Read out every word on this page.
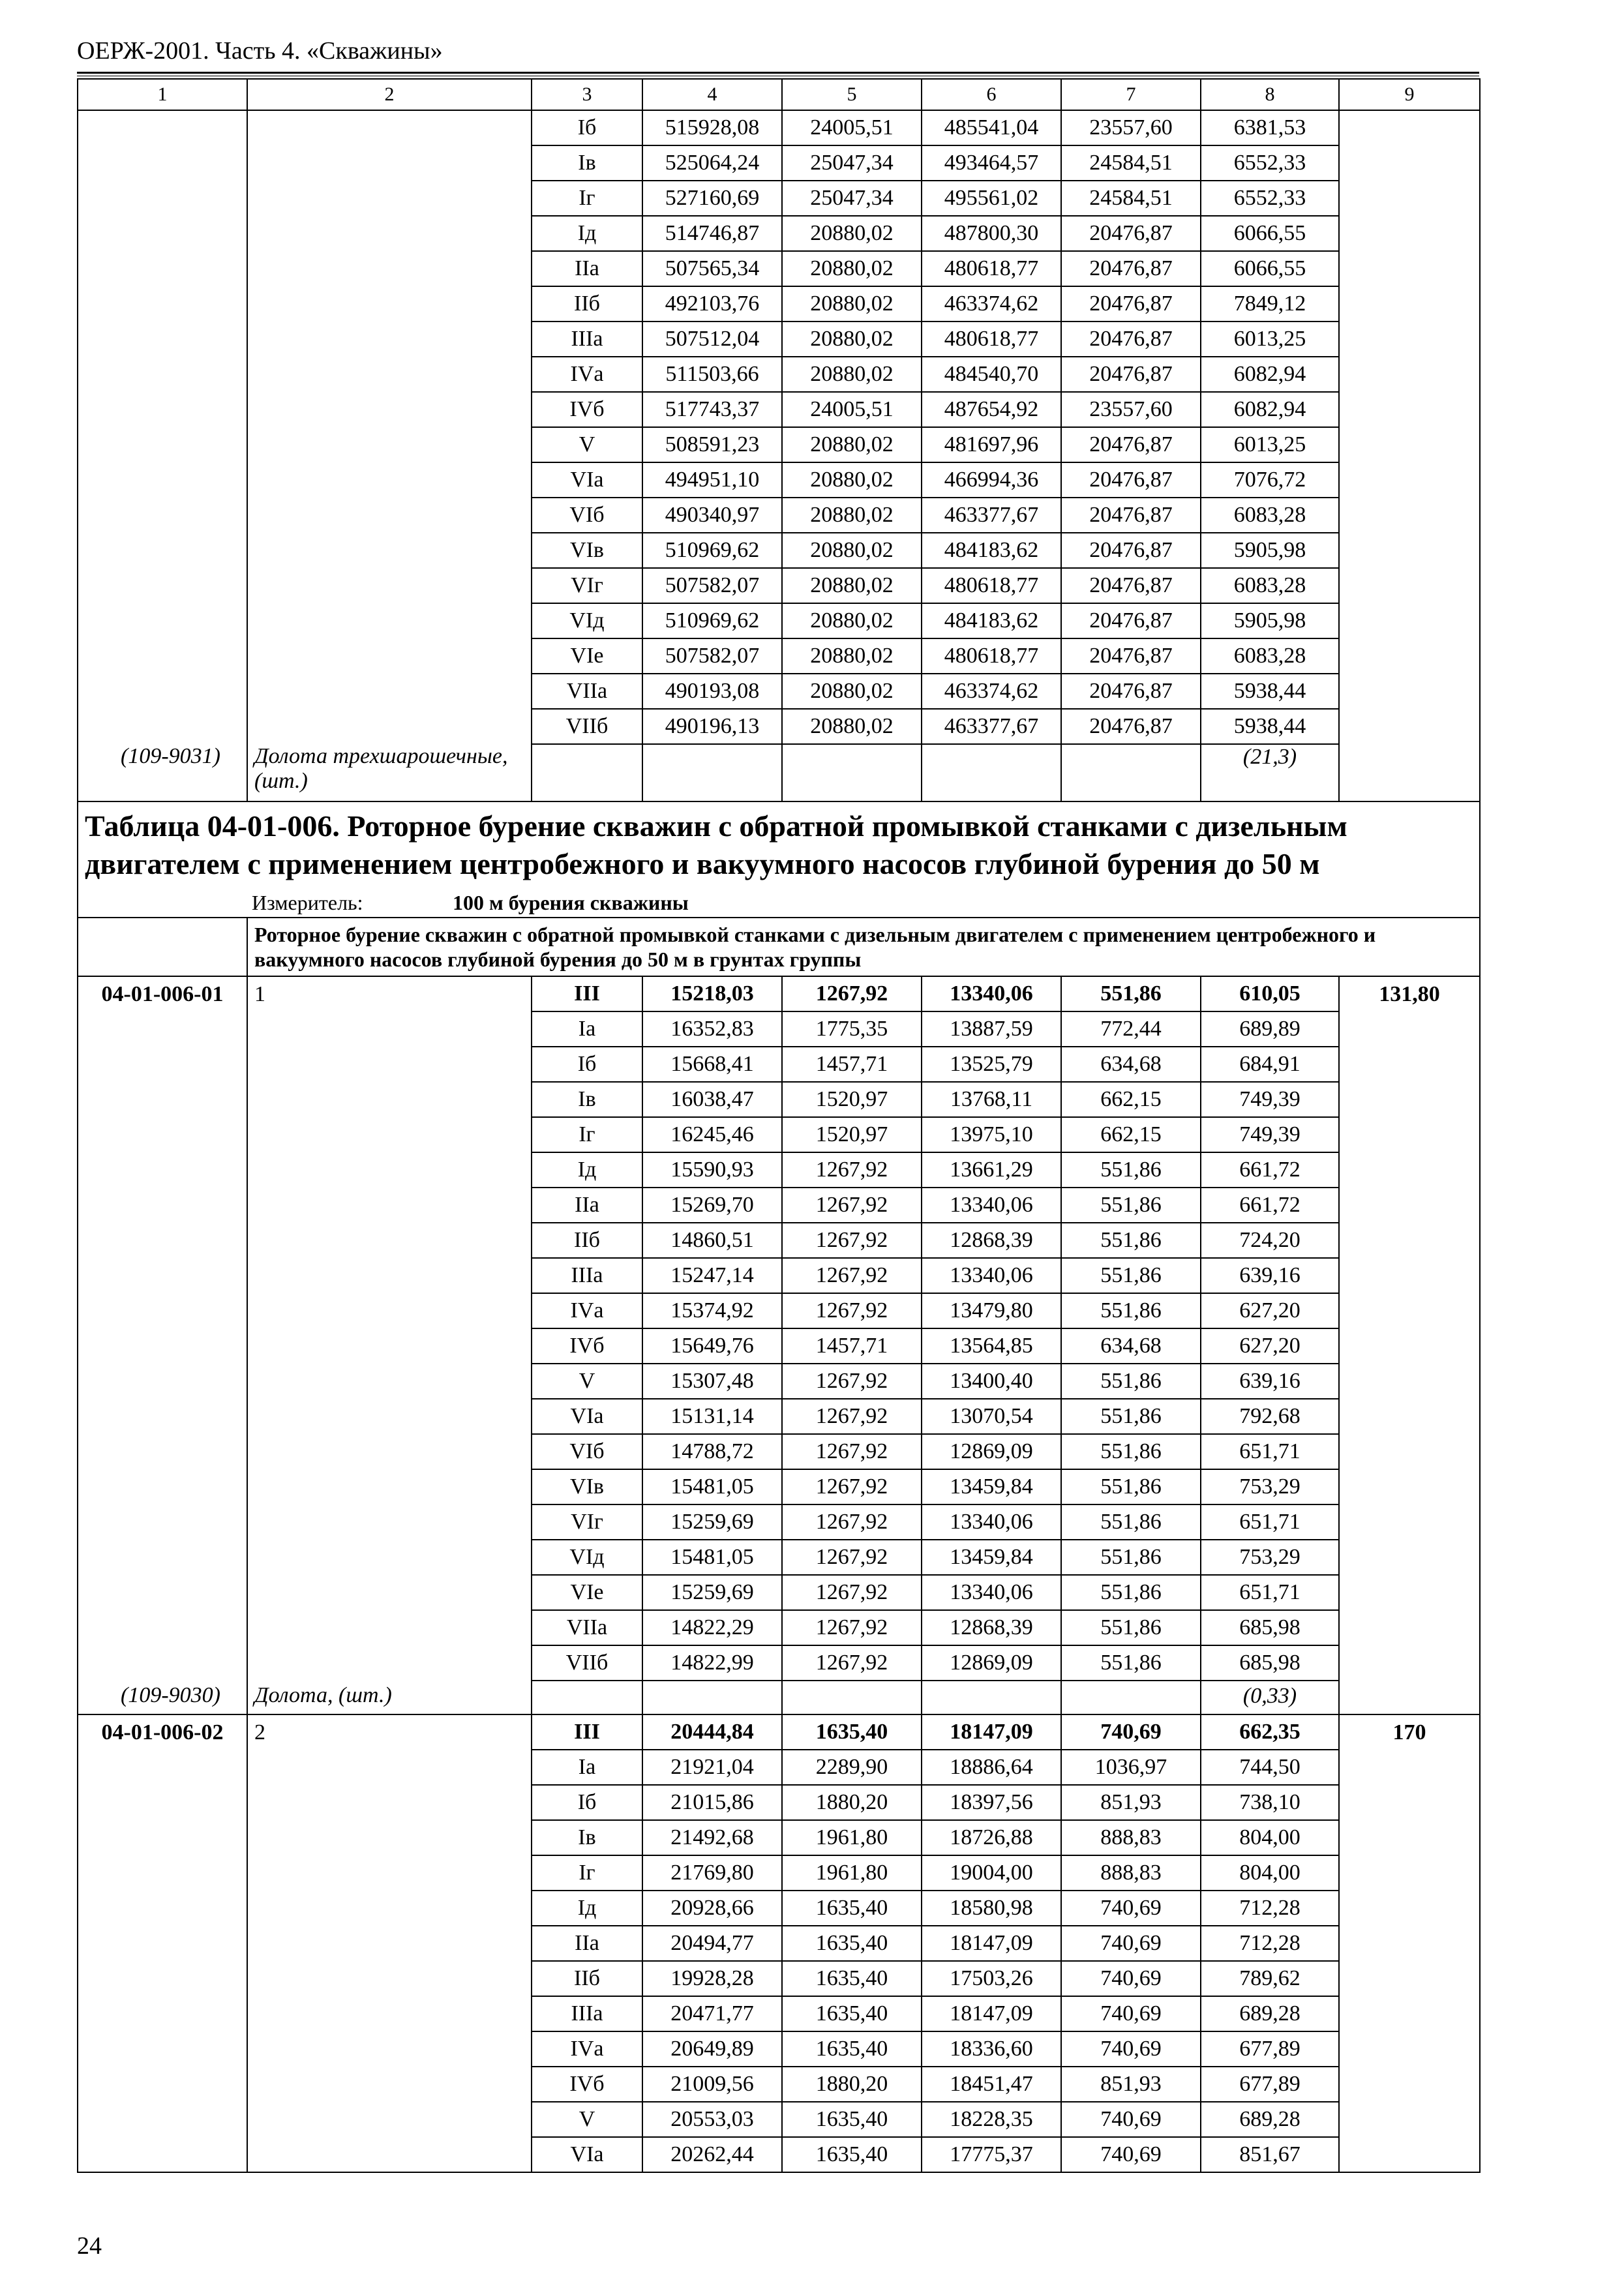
ОЕРЖ-2001. Часть 4. «Скважины»
1	2	3	4	5	6	7	8	9
		Iб	515928,08	24005,51	485541,04	23557,60	6381,53	
		Iв	525064,24	25047,34	493464,57	24584,51	6552,33	
		Iг	527160,69	25047,34	495561,02	24584,51	6552,33	
		Iд	514746,87	20880,02	487800,30	20476,87	6066,55	
		IIа	507565,34	20880,02	480618,77	20476,87	6066,55	
		IIб	492103,76	20880,02	463374,62	20476,87	7849,12	
		IIIа	507512,04	20880,02	480618,77	20476,87	6013,25	
		IVа	511503,66	20880,02	484540,70	20476,87	6082,94	
		IVб	517743,37	24005,51	487654,92	23557,60	6082,94	
		V	508591,23	20880,02	481697,96	20476,87	6013,25	
		VIа	494951,10	20880,02	466994,36	20476,87	7076,72	
		VIб	490340,97	20880,02	463377,67	20476,87	6083,28	
		VIв	510969,62	20880,02	484183,62	20476,87	5905,98	
		VIг	507582,07	20880,02	480618,77	20476,87	6083,28	
		VIд	510969,62	20880,02	484183,62	20476,87	5905,98	
		VIе	507582,07	20880,02	480618,77	20476,87	6083,28	
		VIIа	490193,08	20880,02	463374,62	20476,87	5938,44	
		VIIб	490196,13	20880,02	463377,67	20476,87	5938,44	
(109-9031)	Долота трехшарошечные, (шт.)						(21,3)	

Таблица 04-01-006. Роторное бурение скважин с обратной промывкой станками с дизельным двигателем с применением центробежного и вакуумного насосов глубиной бурения до 50 м
Измеритель: 100 м бурения скважины								

	Роторное бурение скважин с обратной промывкой станками с дизельным двигателем с применением центробежного и вакуумного насосов глубиной бурения до 50 м в грунтах группы							
04-01-006-01	1	III	15218,03	1267,92	13340,06	551,86	610,05	131,80
		Iа	16352,83	1775,35	13887,59	772,44	689,89	
		Iб	15668,41	1457,71	13525,79	634,68	684,91	
		Iв	16038,47	1520,97	13768,11	662,15	749,39	
		Iг	16245,46	1520,97	13975,10	662,15	749,39	
		Iд	15590,93	1267,92	13661,29	551,86	661,72	
		IIа	15269,70	1267,92	13340,06	551,86	661,72	
		IIб	14860,51	1267,92	12868,39	551,86	724,20	
		IIIа	15247,14	1267,92	13340,06	551,86	639,16	
		IVа	15374,92	1267,92	13479,80	551,86	627,20	
		IVб	15649,76	1457,71	13564,85	634,68	627,20	
		V	15307,48	1267,92	13400,40	551,86	639,16	
		VIа	15131,14	1267,92	13070,54	551,86	792,68	
		VIб	14788,72	1267,92	12869,09	551,86	651,71	
		VIв	15481,05	1267,92	13459,84	551,86	753,29	
		VIг	15259,69	1267,92	13340,06	551,86	651,71	
		VIд	15481,05	1267,92	13459,84	551,86	753,29	
		VIе	15259,69	1267,92	13340,06	551,86	651,71	
		VIIа	14822,29	1267,92	12868,39	551,86	685,98	
		VIIб	14822,99	1267,92	12869,09	551,86	685,98	
(109-9030)	Долота, (шт.)						(0,33)	
04-01-006-02	2	III	20444,84	1635,40	18147,09	740,69	662,35	170
		Iа	21921,04	2289,90	18886,64	1036,97	744,50	
		Iб	21015,86	1880,20	18397,56	851,93	738,10	
		Iв	21492,68	1961,80	18726,88	888,83	804,00	
		Iг	21769,80	1961,80	19004,00	888,83	804,00	
		Iд	20928,66	1635,40	18580,98	740,69	712,28	
		IIа	20494,77	1635,40	18147,09	740,69	712,28	
		IIб	19928,28	1635,40	17503,26	740,69	789,62	
		IIIа	20471,77	1635,40	18147,09	740,69	689,28	
		IVа	20649,89	1635,40	18336,60	740,69	677,89	
		IVб	21009,56	1880,20	18451,47	851,93	677,89	
		V	20553,03	1635,40	18228,35	740,69	689,28	
		VIа	20262,44	1635,40	17775,37	740,69	851,67	
24
